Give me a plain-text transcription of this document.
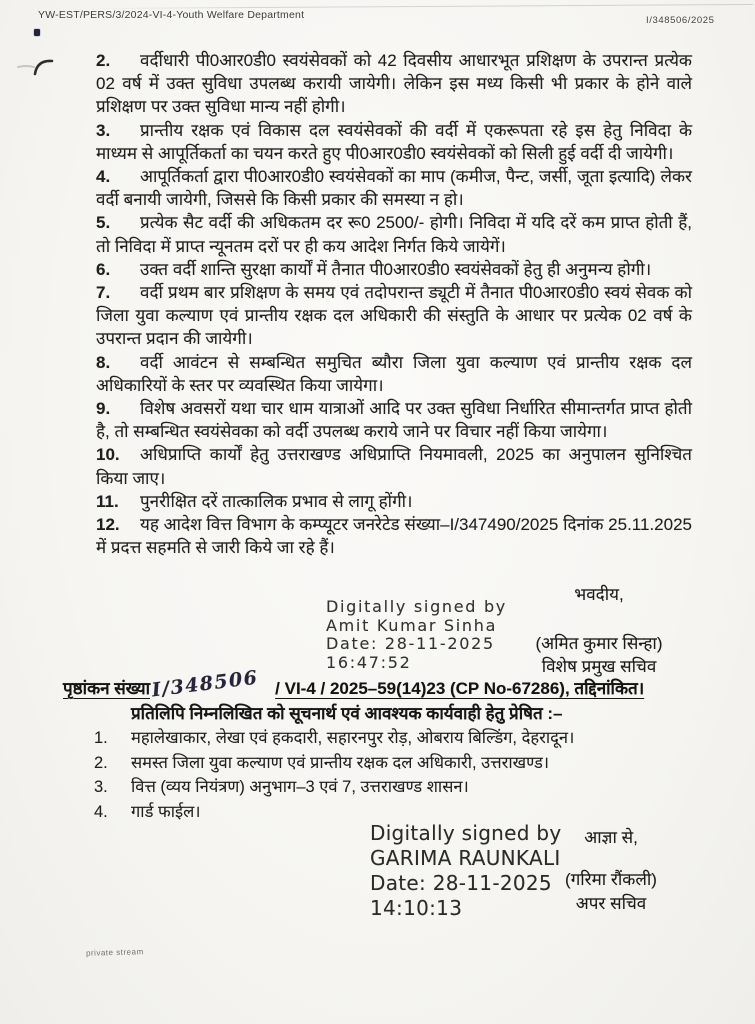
YW-EST/PERS/3/2024-VI-4-Youth Welfare Department	I/348506/2025
2. वर्दीधारी पी0आर0डी0 स्वयंसेवकों को 42 दिवसीय आधारभूत प्रशिक्षण के उपरान्त प्रत्येक 02 वर्ष में उक्त सुविधा उपलब्ध करायी जायेगी। लेकिन इस मध्य किसी भी प्रकार के होने वाले प्रशिक्षण पर उक्त सुविधा मान्य नहीं होगी।
3. प्रान्तीय रक्षक एवं विकास दल स्वयंसेवकों की वर्दी में एकरूपता रहे इस हेतु निविदा के माध्यम से आपूर्तिकर्ता का चयन करते हुए पी0आर0डी0 स्वयंसेवकों को सिली हुई वर्दी दी जायेगी।
4. आपूर्तिकर्ता द्वारा पी0आर0डी0 स्वयंसेवकों का माप (कमीज, पैन्ट, जर्सी, जूता इत्यादि) लेकर वर्दी बनायी जायेगी, जिससे कि किसी प्रकार की समस्या न हो।
5. प्रत्येक सैट वर्दी की अधिकतम दर रू0 2500/- होगी। निविदा में यदि दरें कम प्राप्त होती हैं, तो निविदा में प्राप्त न्यूनतम दरों पर ही कय आदेश निर्गत किये जायेगें।
6. उक्त वर्दी शान्ति सुरक्षा कार्यों में तैनात पी0आर0डी0 स्वयंसेवकों हेतु ही अनुमन्य होगी।
7. वर्दी प्रथम बार प्रशिक्षण के समय एवं तदोपरान्त ड्यूटी में तैनात पी0आर0डी0 स्वयं सेवक को जिला युवा कल्याण एवं प्रान्तीय रक्षक दल अधिकारी की संस्तुति के आधार पर प्रत्येक 02 वर्ष के उपरान्त प्रदान की जायेगी।
8. वर्दी आवंटन से सम्बन्धित समुचित ब्यौरा जिला युवा कल्याण एवं प्रान्तीय रक्षक दल अधिकारियों के स्तर पर व्यवस्थित किया जायेगा।
9. विशेष अवसरों यथा चार धाम यात्राओं आदि पर उक्त सुविधा निर्धारित सीमान्तर्गत प्राप्त होती है, तो सम्बन्धित स्वयंसेवका को वर्दी उपलब्ध कराये जाने पर विचार नहीं किया जायेगा।
10. अधिप्राप्ति कार्यों हेतु उत्तराखण्ड अधिप्राप्ति नियमावली, 2025 का अनुपालन सुनिश्चित किया जाए।
11. पुनरीक्षित दरें तात्कालिक प्रभाव से लागू होंगी।
12. यह आदेश वित्त विभाग के कम्प्यूटर जनरेटेड संख्या–I/347490/2025 दिनांक 25.11.2025 में प्रदत्त सहमति से जारी किये जा रहे हैं।
Digitally signed by
Amit Kumar Sinha
Date: 28-11-2025
16:47:52
भवदीय,
(अमित कुमार सिन्हा)
विशेष प्रमुख सचिव
पृष्ठांकन संख्याI/348506 / VI-4 / 2025–59(14)23 (CP No-67286), तद्दिनांकित।
प्रतिलिपि निम्नलिखित को सूचनार्थ एवं आवश्यक कार्यवाही हेतु प्रेषित :–
1. महालेखाकार, लेखा एवं हकदारी, सहारनपुर रोड़, ओबराय बिल्डिंग, देहरादून।
2. समस्त जिला युवा कल्याण एवं प्रान्तीय रक्षक दल अधिकारी, उत्तराखण्ड।
3. वित्त (व्यय नियंत्रण) अनुभाग–3 एवं 7, उत्तराखण्ड शासन।
4. गार्ड फाईल।
Digitally signed by
GARIMA RAUNKALI
Date: 28-11-2025
14:10:13
आज्ञा से,
(गरिमा रौंकली)
अपर सचिव
private stream
